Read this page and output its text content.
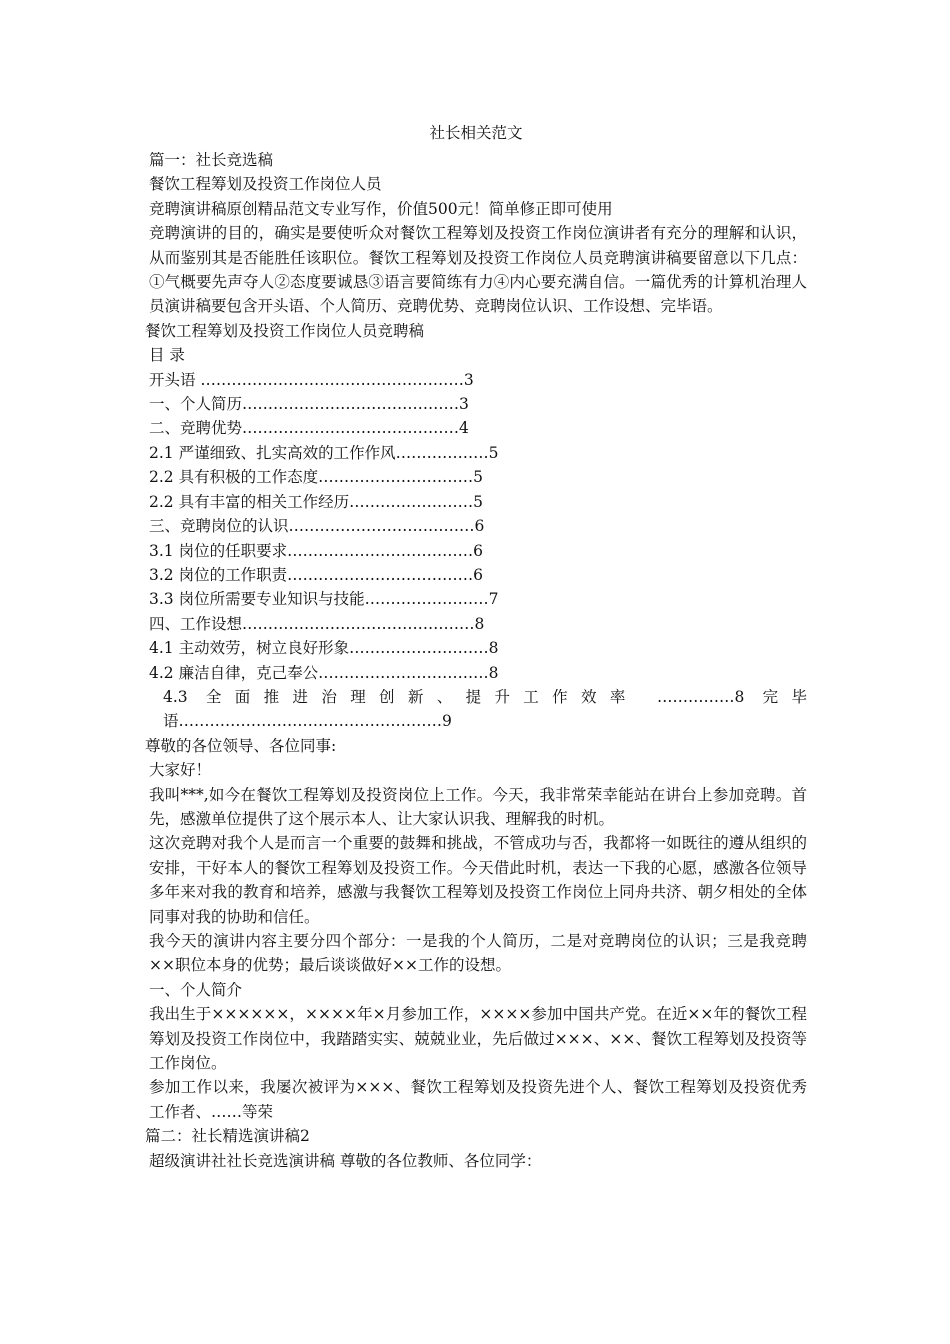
社长相关范文

篇一：社长竞选稿

餐饮工程筹划及投资工作岗位人员

竞聘演讲稿原创精品范文专业写作，价值500元！简单修正即可使用

竞聘演讲的目的，确实是要使听众对餐饮工程筹划及投资工作岗位演讲者有充分的理解和认识，从而鉴别其是否能胜任该职位。餐饮工程筹划及投资工作岗位人员竞聘演讲稿要留意以下几点：①气概要先声夺人②态度要诚恳③语言要简练有力④内心要充满自信。一篇优秀的计算机治理人员演讲稿要包含开头语、个人简历、竞聘优势、竞聘岗位认识、工作设想、完毕语。

餐饮工程筹划及投资工作岗位人员竞聘稿

目 录

开头语 ……………………………………………3

一、个人简历……………………………………3

二、竞聘优势……………………………………4

2.1 严谨细致、扎实高效的工作作风………………5

2.2 具有积极的工作态度…………………………5

2.2 具有丰富的相关工作经历……………………5

三、竞聘岗位的认识………………………………6

3.1 岗位的任职要求………………………………6

3.2 岗位的工作职责………………………………6

3.3 岗位所需要专业知识与技能……………………7

四、工作设想………………………………………8

4.1 主动效劳，树立良好形象………………………8

4.2 廉洁自律，克己奉公……………………………8

4.3 全面推进治理创新、提升工作效率 ……………8 完毕语……………………………………………9

尊敬的各位领导、各位同事:

大家好！

我叫***,如今在餐饮工程筹划及投资岗位上工作。今天，我非常荣幸能站在讲台上参加竞聘。首先，感激单位提供了这个展示本人、让大家认识我、理解我的时机。

这次竞聘对我个人是而言一个重要的鼓舞和挑战，不管成功与否，我都将一如既往的遵从组织的安排，干好本人的餐饮工程筹划及投资工作。今天借此时机，表达一下我的心愿，感激各位领导多年来对我的教育和培养，感激与我餐饮工程筹划及投资工作岗位上同舟共济、朝夕相处的全体同事对我的协助和信任。

我今天的演讲内容主要分四个部分：一是我的个人简历，二是对竞聘岗位的认识；三是我竞聘××职位本身的优势；最后谈谈做好××工作的设想。

一、个人简介

我出生于××××××，××××年×月参加工作，××××参加中国共产党。在近××年的餐饮工程筹划及投资工作岗位中，我踏踏实实、兢兢业业，先后做过×××、××、餐饮工程筹划及投资等工作岗位。

参加工作以来，我屡次被评为×××、餐饮工程筹划及投资先进个人、餐饮工程筹划及投资优秀工作者、……等荣

篇二：社长精选演讲稿2

超级演讲社社长竞选演讲稿 尊敬的各位教师、各位同学：
